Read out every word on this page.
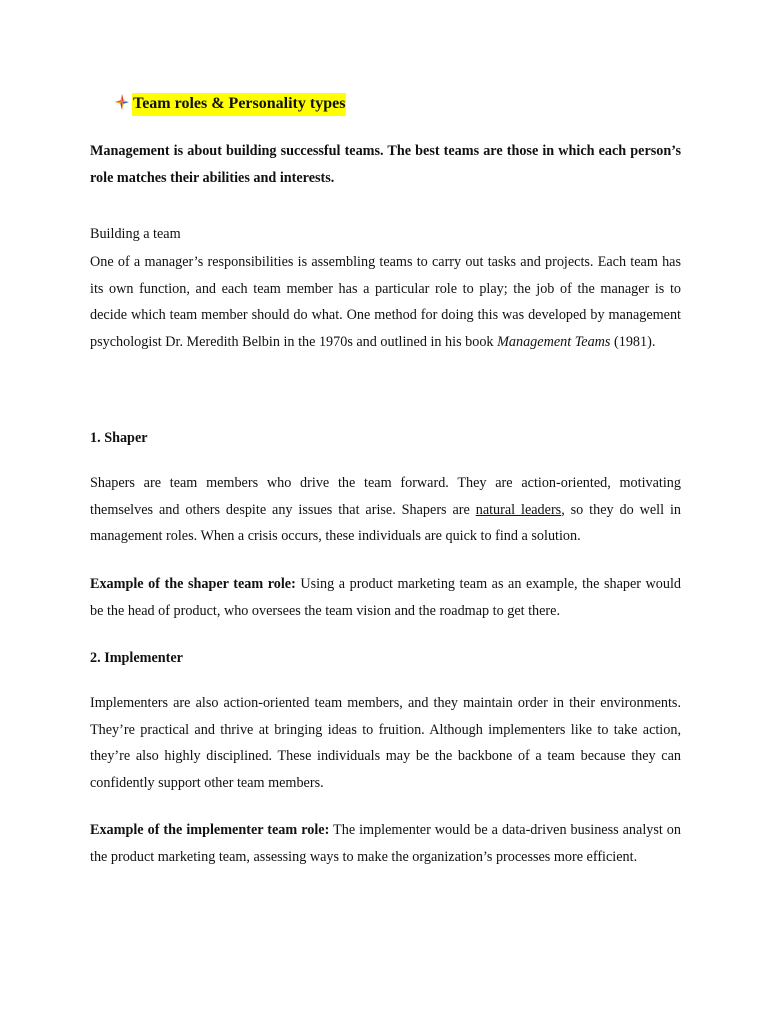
Team roles & Personality types
Management is about building successful teams. The best teams are those in which each person’s role matches their abilities and interests.
Building a team
One of a manager’s responsibilities is assembling teams to carry out tasks and projects. Each team has its own function, and each team member has a particular role to play; the job of the manager is to decide which team member should do what. One method for doing this was developed by management psychologist Dr. Meredith Belbin in the 1970s and outlined in his book Management Teams (1981).
1. Shaper
Shapers are team members who drive the team forward. They are action-oriented, motivating themselves and others despite any issues that arise. Shapers are natural leaders, so they do well in management roles. When a crisis occurs, these individuals are quick to find a solution.
Example of the shaper team role: Using a product marketing team as an example, the shaper would be the head of product, who oversees the team vision and the roadmap to get there.
2. Implementer
Implementers are also action-oriented team members, and they maintain order in their environments. They’re practical and thrive at bringing ideas to fruition. Although implementers like to take action, they’re also highly disciplined. These individuals may be the backbone of a team because they can confidently support other team members.
Example of the implementer team role: The implementer would be a data-driven business analyst on the product marketing team, assessing ways to make the organization’s processes more efficient.
